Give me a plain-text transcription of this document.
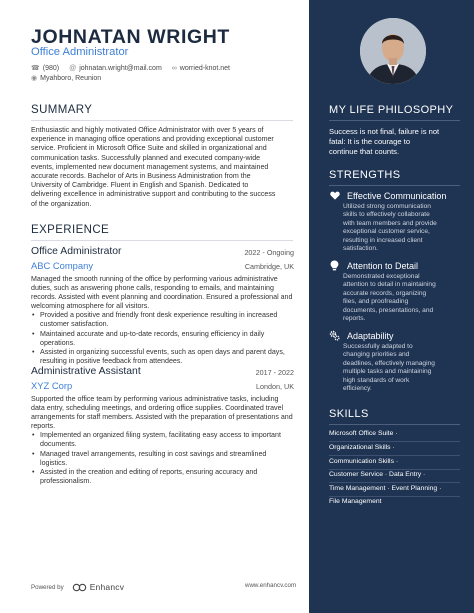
JOHNATAN WRIGHT
Office Administrator
☎ (980) @ johnatan.wright@mail.com ∞ worried-knot.net
◉ Myahboro, Reunion
SUMMARY
Enthusiastic and highly motivated Office Administrator with over 5 years of
experience in managing office operations and providing exceptional customer
service. Proficient in Microsoft Office Suite and skilled in organizational and
communication tasks. Successfully planned and executed company-wide
events, implemented new document management systems, and maintained
accurate records. Bachelor of Arts in Business Administration from the
University of Cambridge. Fluent in English and Spanish. Dedicated to
delivering excellence in administrative support and contributing to the success
of the organization.
EXPERIENCE
Office Administrator	2022 - Ongoing
ABC Company	Cambridge, UK
Managed the smooth running of the office by performing various administrative
duties, such as answering phone calls, responding to emails, and maintaining
records. Assisted with event planning and coordination. Ensured a professional and
welcoming atmosphere for all visitors.
• Provided a positive and friendly front desk experience resulting in increased
customer satisfaction.
• Maintained accurate and up-to-date records, ensuring efficiency in daily
operations.
• Assisted in organizing successful events, such as open days and parent days,
resulting in positive feedback from attendees.
Administrative Assistant	2017 - 2022
XYZ Corp	London, UK
Supported the office team by performing various administrative tasks, including
data entry, scheduling meetings, and ordering office supplies. Coordinated travel
arrangements for staff members. Assisted with the preparation of presentations and
reports.
• Implemented an organized filing system, facilitating easy access to important
documents.
• Managed travel arrangements, resulting in cost savings and streamlined logistics.
• Assisted in the creation and editing of reports, ensuring accuracy and
professionalism.
Powered by	Enhancv	www.enhancv.com
MY LIFE PHILOSOPHY
Success is not final, failure is not
fatal: It is the courage to
continue that counts.
STRENGTHS
Effective Communication
Utilized strong communication
skills to effectively collaborate
with team members and provide
exceptional customer service,
resulting in increased client
satisfaction.
Attention to Detail
Demonstrated exceptional
attention to detail in maintaining
accurate records, organizing
files, and proofreading
documents, presentations, and
reports.
Adaptability
Successfully adapted to
changing priorities and
deadlines, effectively managing
multiple tasks and maintaining
high standards of work
efficiency.
SKILLS
Microsoft Office Suite ·
Organizational Skills ·
Communication Skills ·
Customer Service · Data Entry ·
Time Management · Event Planning ·
File Management
